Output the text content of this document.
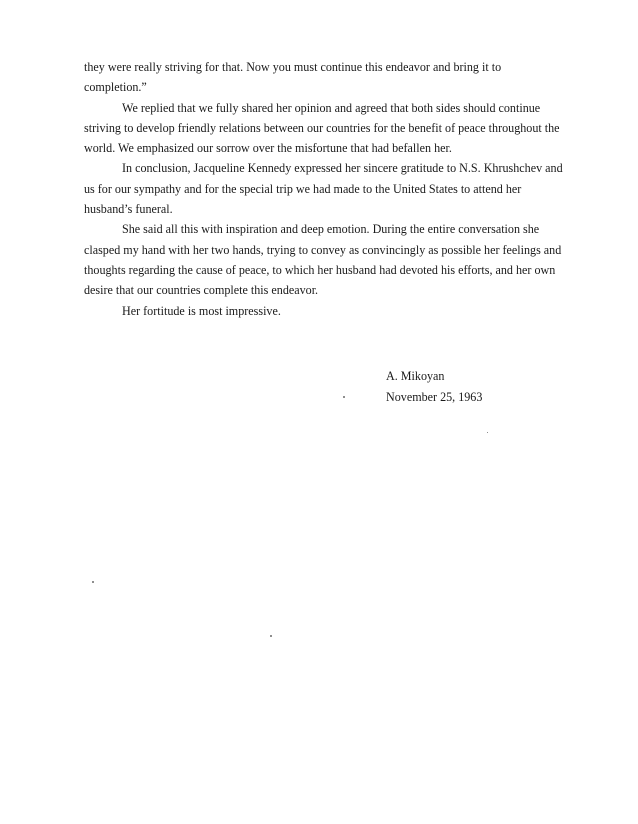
they were really striving for that. Now you must continue this endeavor and bring it to completion.”

We replied that we fully shared her opinion and agreed that both sides should continue striving to develop friendly relations between our countries for the benefit of peace throughout the world. We emphasized our sorrow over the misfortune that had befallen her.

In conclusion, Jacqueline Kennedy expressed her sincere gratitude to N.S. Khrushchev and us for our sympathy and for the special trip we had made to the United States to attend her husband’s funeral.

She said all this with inspiration and deep emotion. During the entire conversation she clasped my hand with her two hands, trying to convey as convincingly as possible her feelings and thoughts regarding the cause of peace, to which her husband had devoted his efforts, and her own desire that our countries complete this endeavor.

Her fortitude is most impressive.

A. Mikoyan
November 25, 1963
